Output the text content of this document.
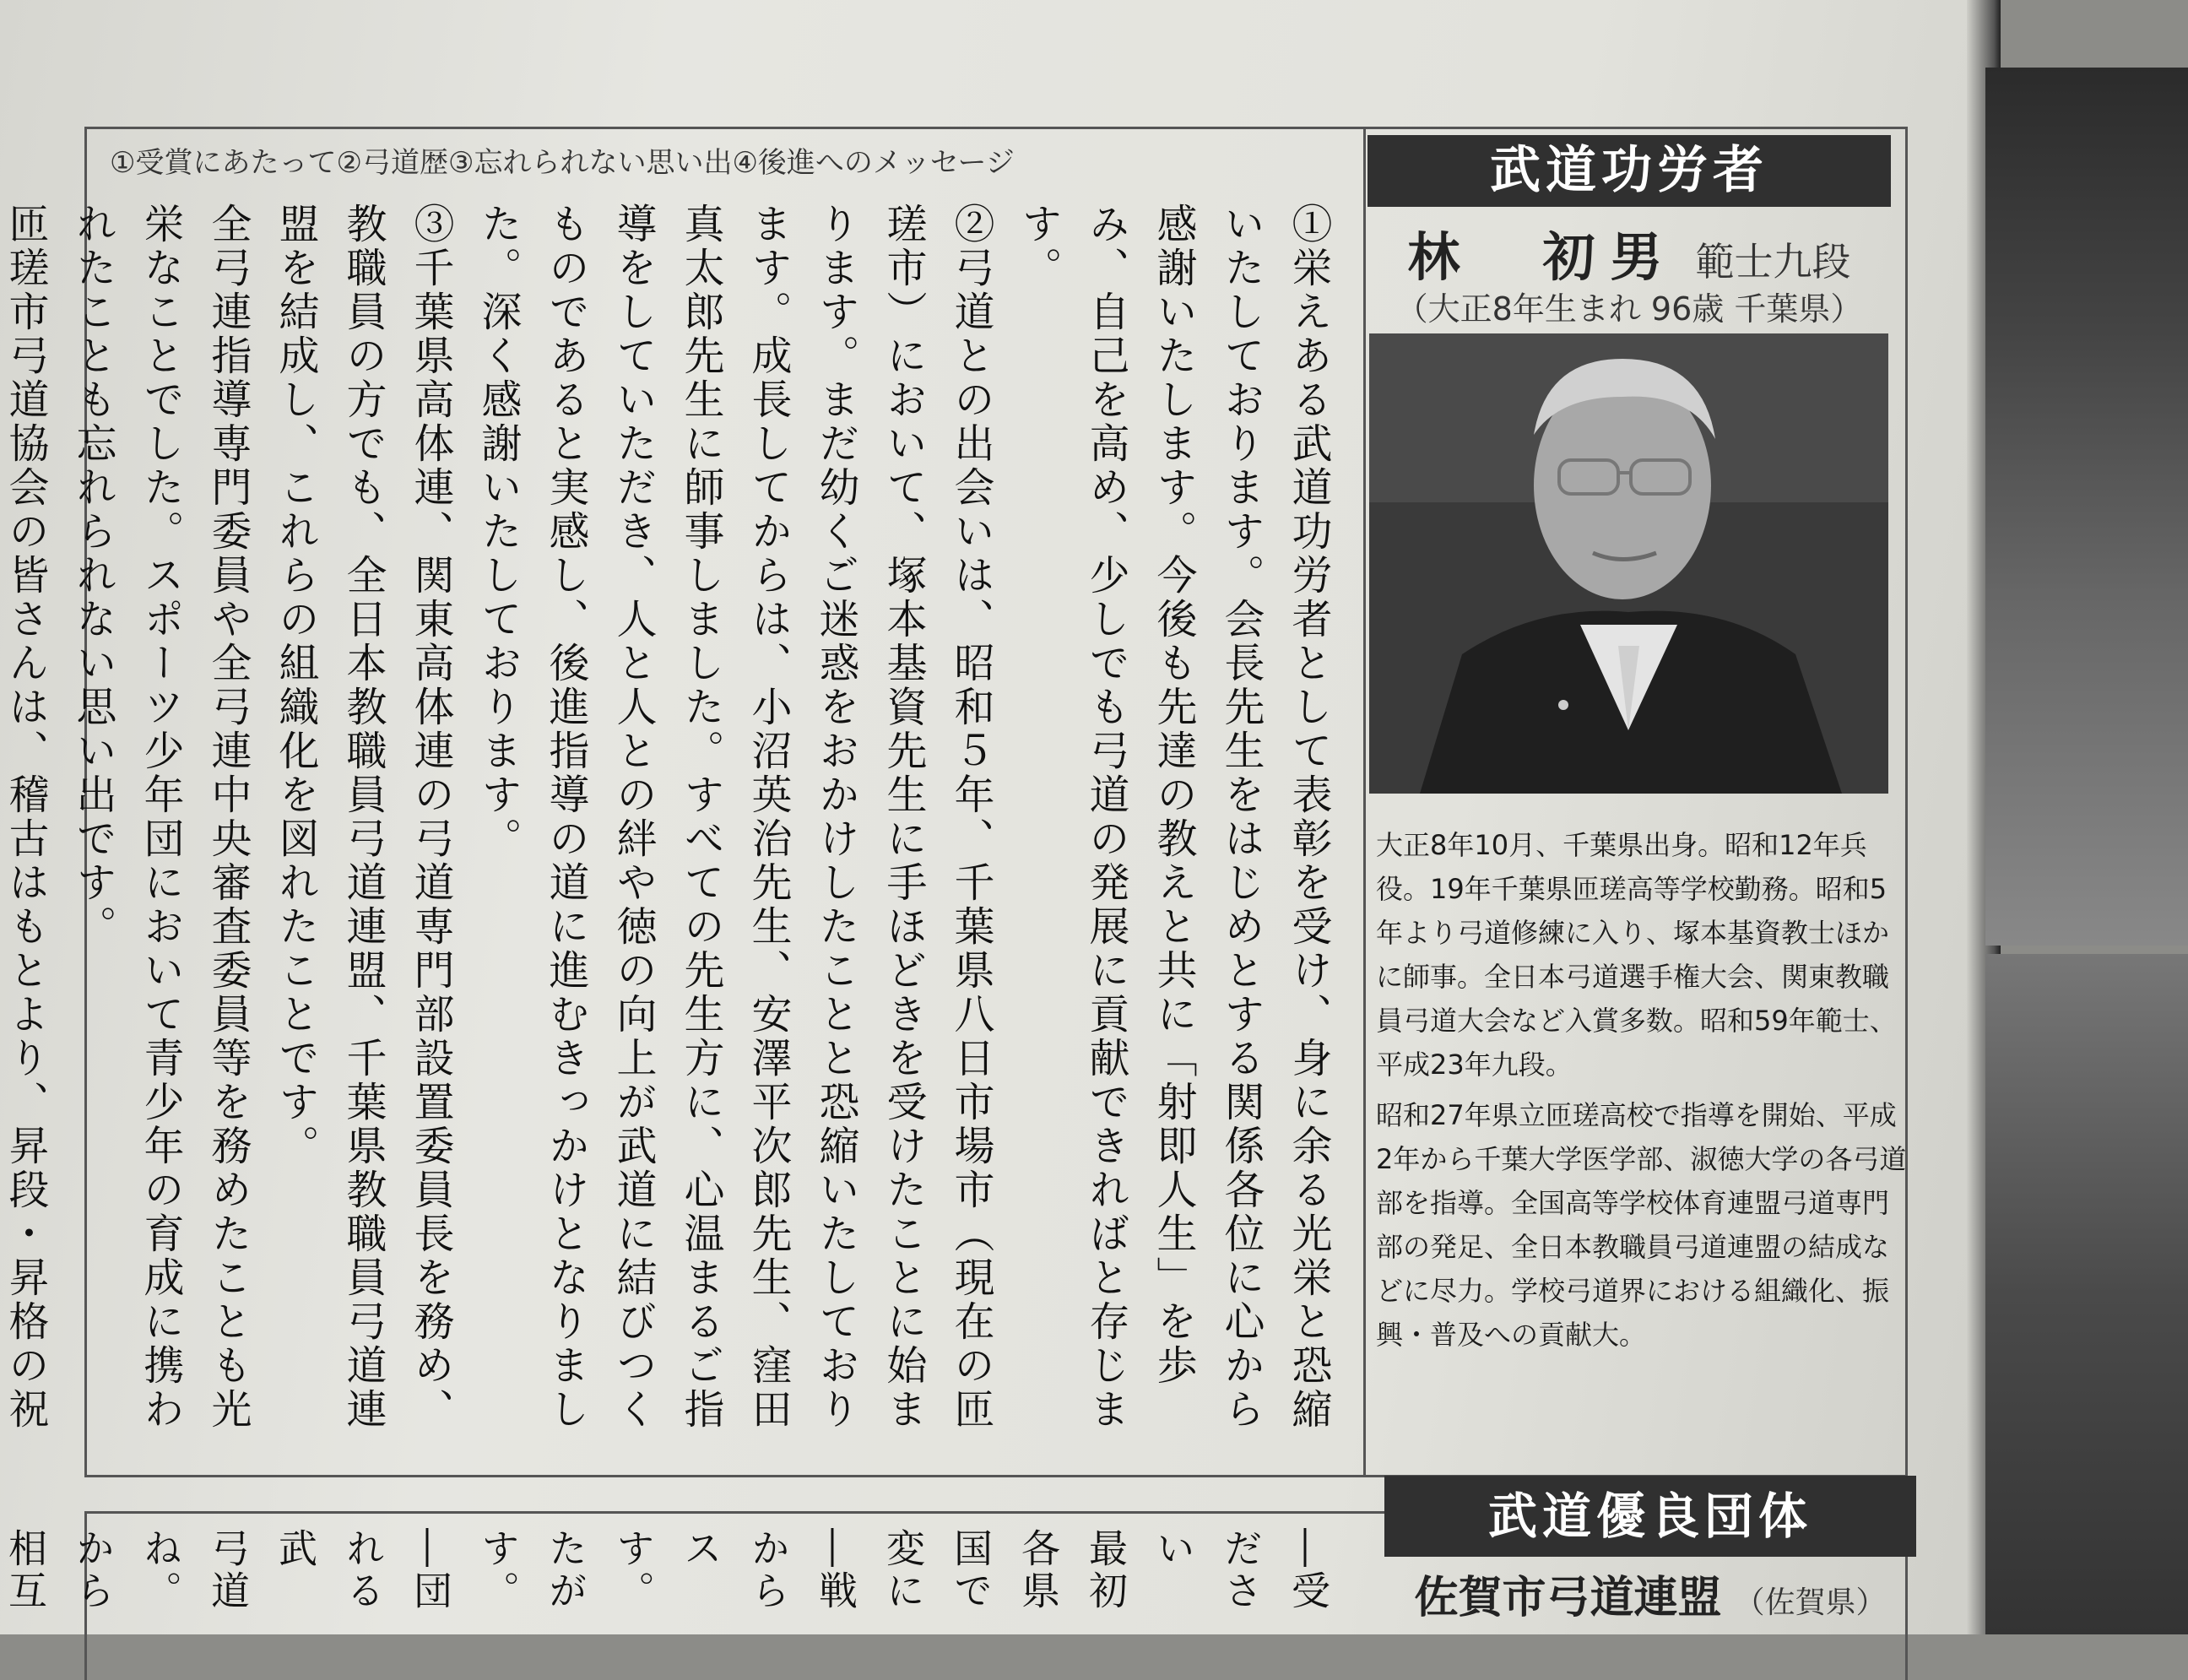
①受賞にあたって②弓道歴③忘れられない思い出④後進へのメッセージ

①栄えある武道功労者として表彰を受け、身に余る光栄と恐縮いたしております。会長先生をはじめとする関係各位に心から感謝いたします。今後も先達の教えと共に「射即人生」を歩み、自己を高め、少しでも弓道の発展に貢献できればと存じます。

②弓道との出会いは、昭和５年、千葉県八日市場市（現在の匝瑳市）において、塚本基資先生に手ほどきを受けたことに始まります。まだ幼くご迷惑をおかけしたことと恐縮いたしております。成長してからは、小沼英治先生、安澤平次郎先生、窪田真太郎先生に師事しました。すべての先生方に、心温まるご指導をしていただき、人と人との絆や徳の向上が武道に結びつくものであると実感し、後進指導の道に進むきっかけとなりました。深く感謝いたしております。

③千葉県高体連、関東高体連の弓道専門部設置委員長を務め、教職員の方でも、全日本教職員弓道連盟、千葉県教職員弓道連盟を結成し、これらの組織化を図れたことです。

全弓連指導専門委員や全弓連中央審査委員等を務めたことも光栄なことでした。スポーツ少年団において青少年の育成に携われたことも忘れられない思い出です。

匝瑳市弓道協会の皆さんは、稽古はもとより、昇段・昇格の祝

武道功労者
林　初男 範士九段
（大正8年生まれ 96歳 千葉県）

大正8年10月、千葉県出身。昭和12年兵役。19年千葉県匝瑳高等学校勤務。昭和5年より弓道修練に入り、塚本基資教士ほかに師事。全日本弓道選手権大会、関東教職員弓道大会など入賞多数。昭和59年範士、平成23年九段。

昭和27年県立匝瑳高校で指導を開始、平成2年から千葉大学医学部、淑徳大学の各弓道部を指導。全国高等学校体育連盟弓道専門部の発足、全日本教職員弓道連盟の結成などに尽力。学校弓道界における組織化、振興・普及への貢献大。

―受

ださい

最初

各県

国で

変に

―戦

から

ス

す。

たが

す。

―団

れる

武

弓道

ね。

から

相互

武道優良団体
佐賀市弓道連盟 （佐賀県）
